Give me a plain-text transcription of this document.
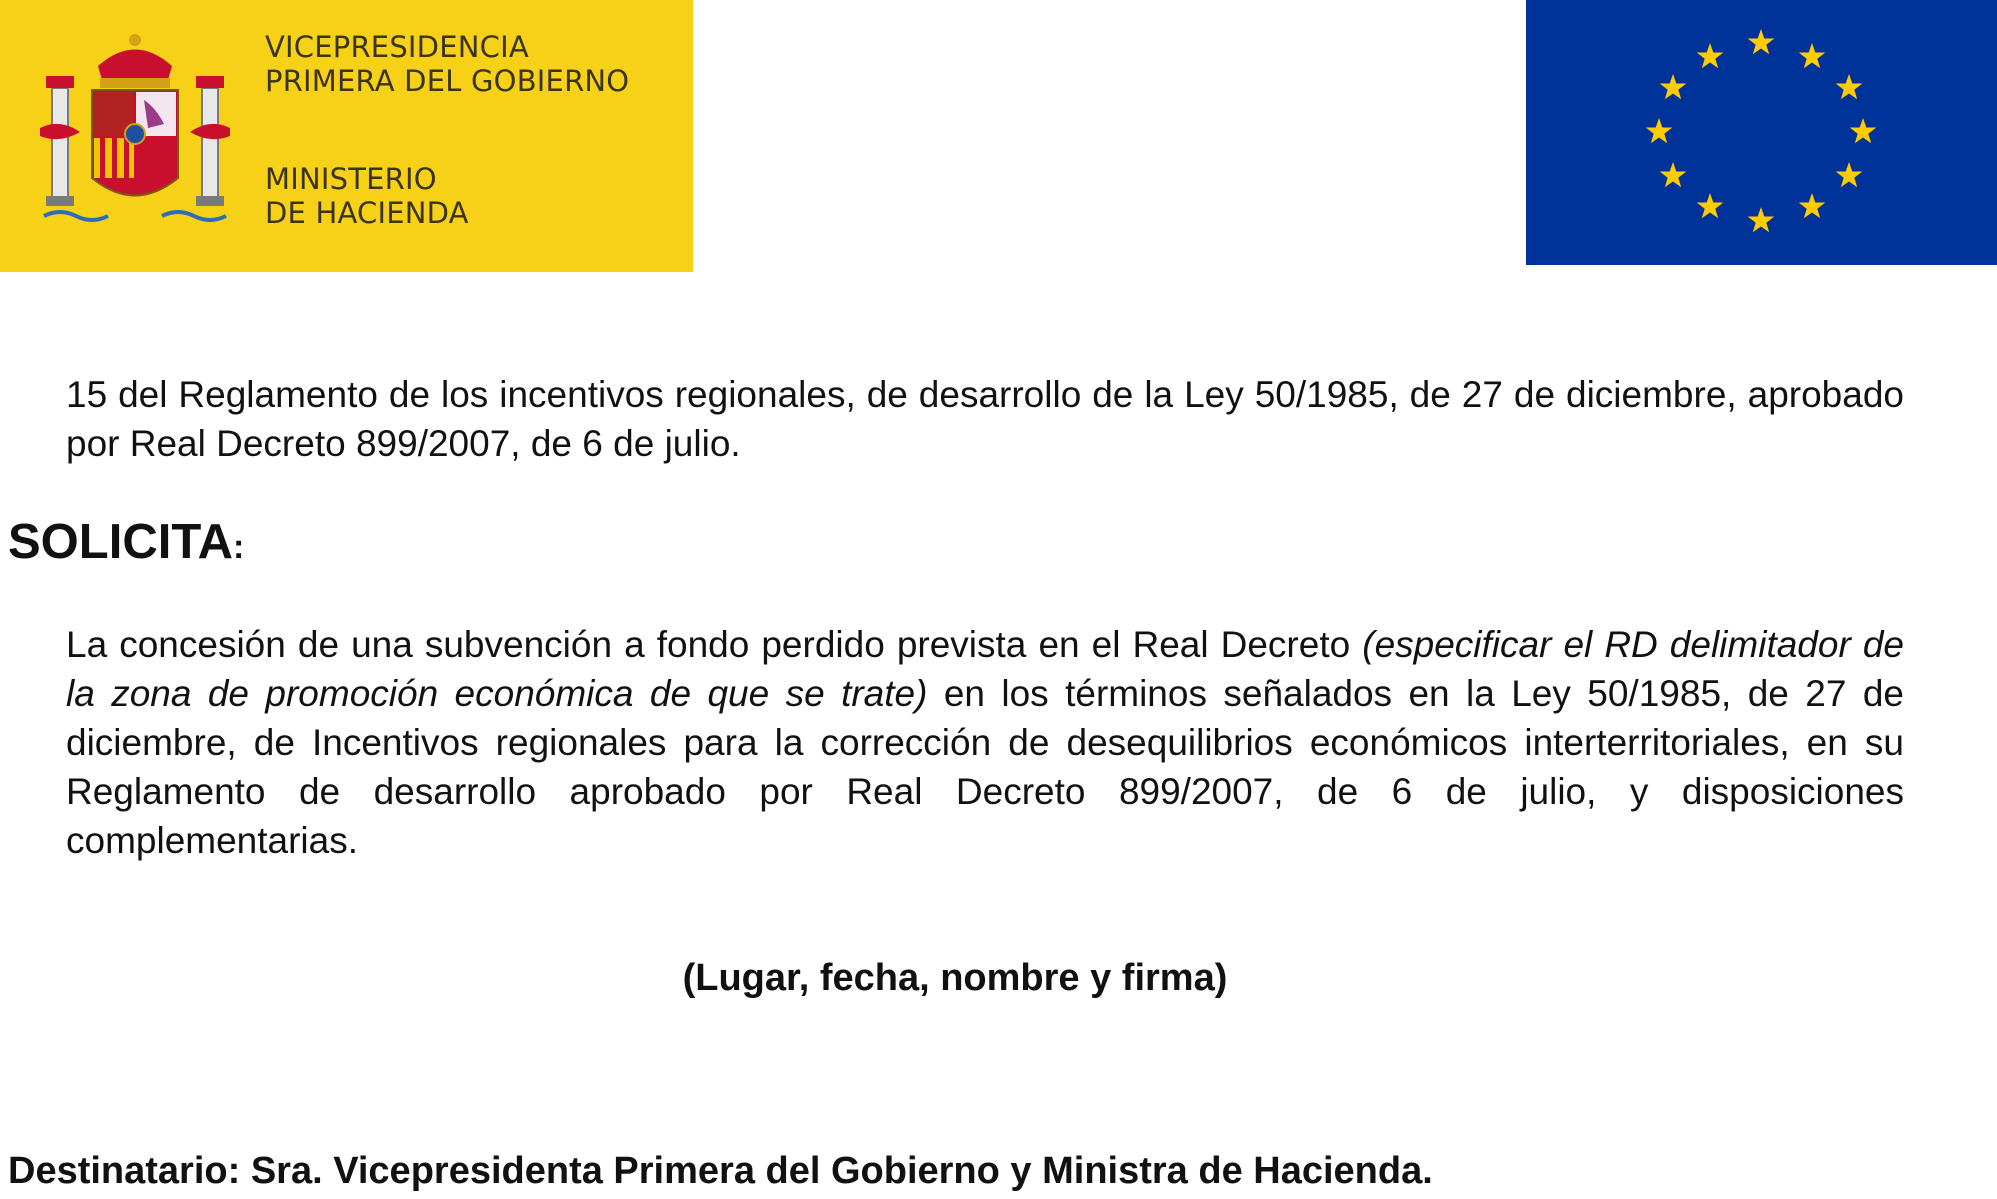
VICEPRESIDENCIA
PRIMERA DEL GOBIERNO
MINISTERIO
DE HACIENDA

15 del Reglamento de los incentivos regionales, de desarrollo de la Ley 50/1985, de 27 de diciembre, aprobado por Real Decreto 899/2007, de 6 de julio.

SOLICITA:

La concesión de una subvención a fondo perdido prevista en el Real Decreto (especificar el RD delimitador de la zona de promoción económica de que se trate) en los términos señalados en la Ley 50/1985, de 27 de diciembre, de Incentivos regionales para la corrección de desequilibrios económicos interterritoriales, en su Reglamento de desarrollo aprobado por Real Decreto 899/2007, de 6 de julio, y disposiciones complementarias.

(Lugar, fecha, nombre y firma)

Destinatario: Sra. Vicepresidenta Primera del Gobierno y Ministra de Hacienda.
